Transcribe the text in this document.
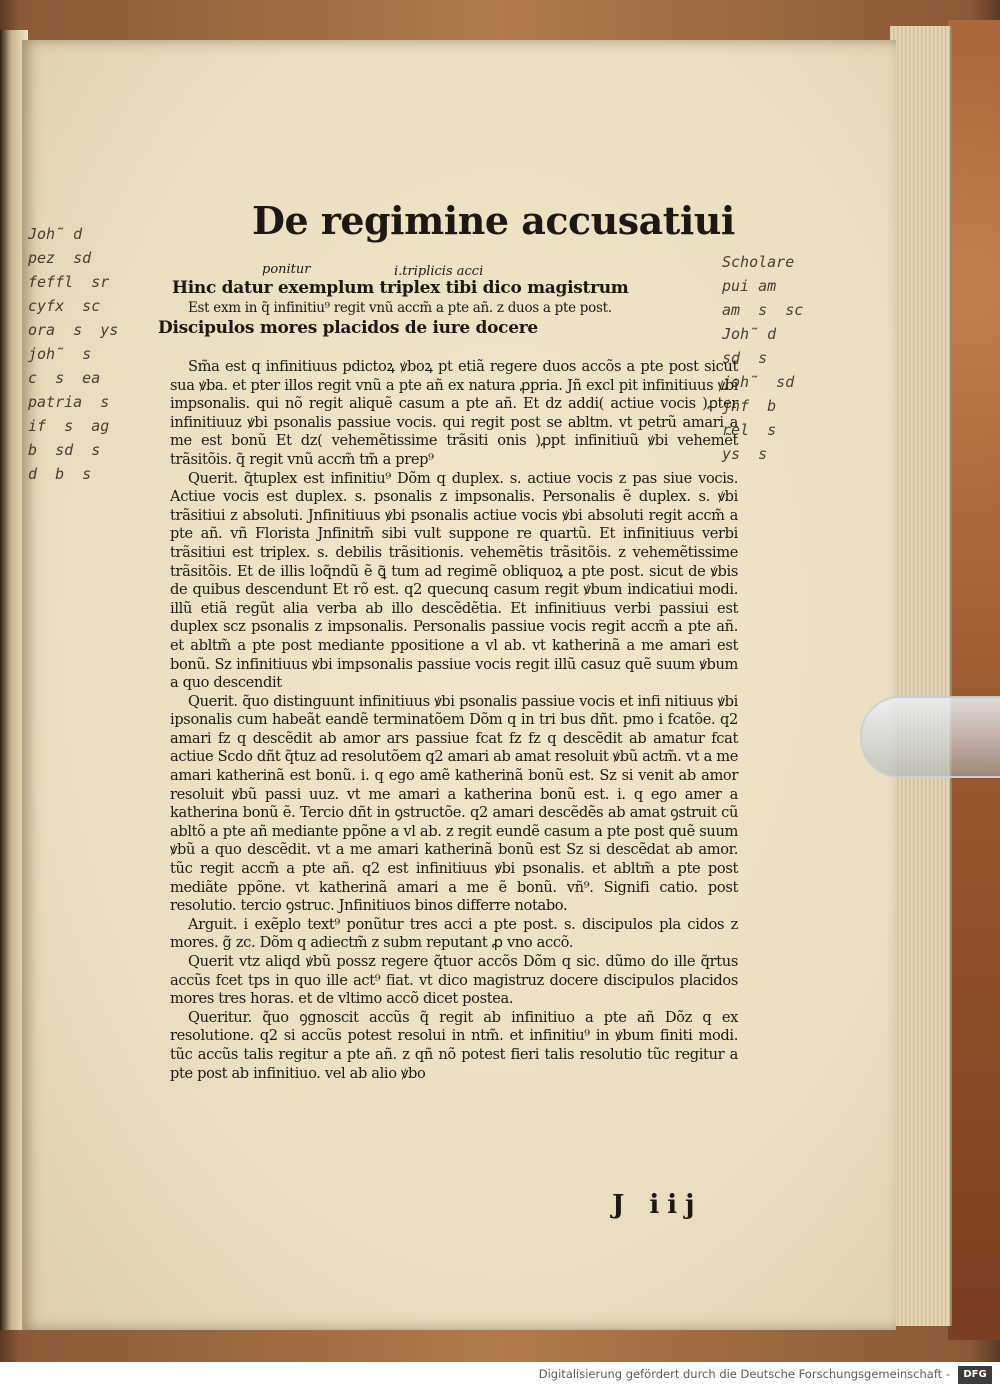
De regimine accusatiui
ponitur	i.triplicis acci
Hinc datur exemplum triplex tibi dico magistrum
Est exm in q̃ infinitiu⁹ regit vnũ accm̃ a pte añ. z duos a pte post.
Discipulos mores placidos de iure docere

Sm̃a est q infinitiuus pdictoꝝ ꝟboꝝ pt etiã regere duos accõs a pte post sicut sua ꝟba. et pter illos regit vnũ a pte añ ex natura ꝓpria. Jñ excl pit infinitiuus ꝟbi impsonalis. qui nõ regit aliquẽ casum a pte añ. Et dz addi( actiue vocis )ꝓter infinitiuuz ꝟbi psonalis passiue vocis. qui regit post se abltm. vt petrũ amari a me est bonũ Et dz( vehemẽtissime trãsiti onis )ꝓpt infinitiuũ ꝟbi vehemẽt trãsitõis. q̃ regit vnũ accm̃ tm̃ a prep⁹

Querit. q̃tuplex est infinitiu⁹ Dõm q duplex. s. actiue vocis z pas siue vocis. Actiue vocis est duplex. s. psonalis z impsonalis. Personalis ẽ duplex. s. ꝟbi trãsitiui z absoluti. Jnfinitiuus ꝟbi psonalis actiue vocis ꝟbi absoluti regit accm̃ a pte añ. vñ Florista Jnfinitm̃ sibi vult suppone re quartũ. Et infinitiuus verbi trãsitiui est triplex. s. debilis trãsitionis. vehemẽtis trãsitõis. z vehemẽtissime trãsitõis. Et de illis loq̃ndũ ẽ ꝗ̃ tum ad regimẽ obliquoꝝ a pte post. sicut de ꝟbis de quibus descendunt Et rõ est. q2 quecunq casum regit ꝟbum indicatiui modi. illũ etiã regũt alia verba ab illo descẽdẽtia. Et infinitiuus verbi passiui est duplex scz psonalis z impsonalis. Personalis passiue vocis regit accm̃ a pte añ. et abltm̃ a pte post mediante ppositione a vl ab. vt katherinã a me amari est bonũ. Sz infinitiuus ꝟbi impsonalis passiue vocis regit illũ casuz quẽ suum ꝟbum a quo descendit

Querit. q̃uo distinguunt infinitiuus ꝟbi psonalis passiue vocis et infi nitiuus ꝟbi ipsonalis cum habeãt eandẽ terminatõem Dõm q in tri bus dñt. pmo i fcatõe. q2 amari fz q descẽdit ab amor ars passiue fcat fz fz q descẽdit ab amatur fcat actiue Scdo dñt q̃tuz ad resolutõem q2 amari ab amat resoluit ꝟbũ actm̃. vt a me amari katherinã est bonũ. i. q ego amẽ katherinã bonũ est. Sz si venit ab amor resoluit ꝟbũ passi uuz. vt me amari a katherina bonũ est. i. q ego amer a katherina bonũ ẽ. Tercio dñt in ꝯstructõe. q2 amari descẽdẽs ab amat ꝯstruit cũ abltõ a pte añ mediante ppõne a vl ab. z regit eundẽ casum a pte post quẽ suum ꝟbũ a quo descẽdit. vt a me amari katherinã bonũ est Sz si descẽdat ab amor. tũc regit accm̃ a pte añ. q2 est infinitiuus ꝟbi psonalis. et abltm̃ a pte post mediãte ppõne. vt katherinã amari a me ẽ bonũ. vñ⁹. Signifi catio. post resolutio. tercio ꝯstruc. Jnfinitiuos binos differre notabo.

Arguit. i exẽplo text⁹ ponũtur tres acci a pte post. s. discipulos pla cidos z mores. g̃ zc. Dõm q adiectm̃ z subm reputant ꝓ vno accõ.

Querit vtz aliqd ꝟbũ possz regere q̃tuor accõs Dõm q sic. dũmo do ille q̃rtus accũs fcet tps in quo ille act⁹ fiat. vt dico magistruz docere discipulos placidos mores tres horas. et de vltimo accõ dicet postea.

Queritur. q̃uo ꝯgnoscit accũs q̃ regit ab infinitiuo a pte añ Dõz q ex resolutione. q2 si accũs potest resolui in ntm̃. et infinitiu⁹ in ꝟbum finiti modi. tũc accũs talis regitur a pte añ. z qñ nõ potest fieri talis resolutio tũc regitur a pte post ab infinitiuo. vel ab alio ꝟbo

Joh̃ d
pez  sd
feffl  sr
cyfx  sc
ora  s  ys
joh̃  s
c  s  ea
patria  s
if  s  ag
b  sd  s
d  b  s
Scholare
pui am
am  s  sc
Joh̃ d
sd  s
joh̃  sd
jnf  b
rel  s
ys  s
J iij
Digitalisierung gefördert durch die Deutsche Forschungsgemeinschaft -	DFG
